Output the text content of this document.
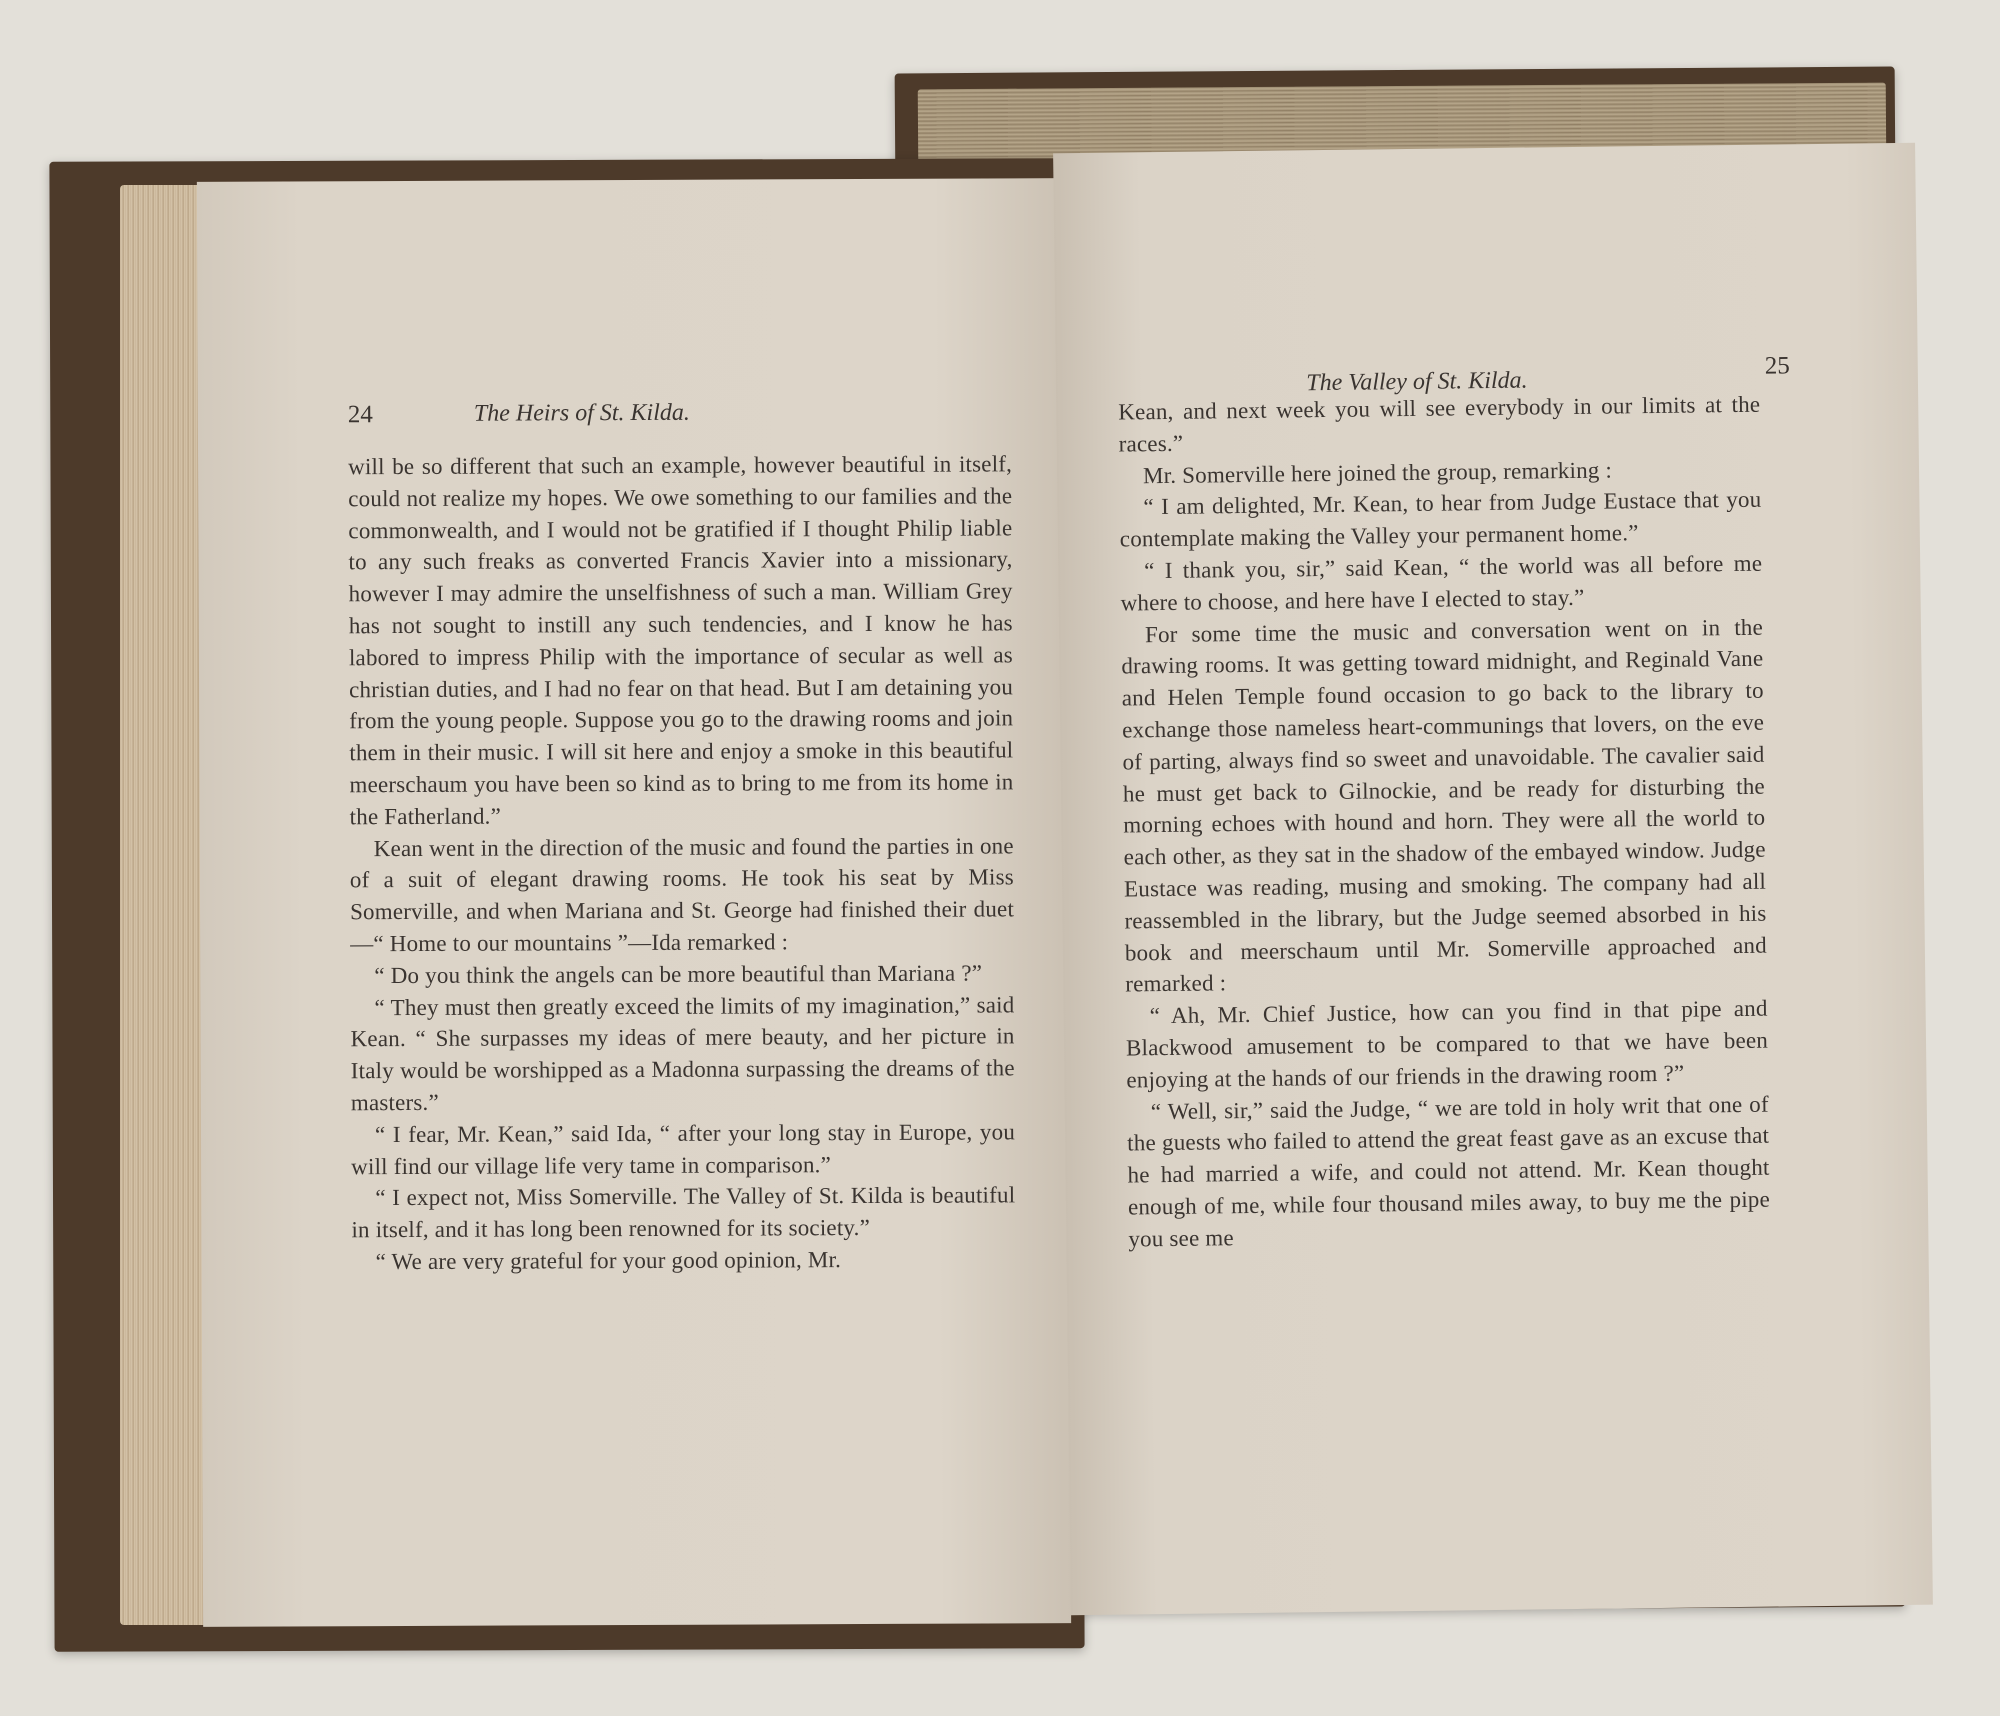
24	The Heirs of St. Kilda.

will be so different that such an example, however beautiful in itself, could not realize my hopes. We owe something to our families and the commonwealth, and I would not be gratified if I thought Philip liable to any such freaks as converted Francis Xavier into a missionary, however I may admire the unselfishness of such a man. William Grey has not sought to instill any such tendencies, and I know he has labored to impress Philip with the importance of secular as well as christian duties, and I had no fear on that head. But I am detaining you from the young people. Suppose you go to the drawing rooms and join them in their music. I will sit here and enjoy a smoke in this beautiful meerschaum you have been so kind as to bring to me from its home in the Fatherland.”

Kean went in the direction of the music and found the parties in one of a suit of elegant drawing rooms. He took his seat by Miss Somerville, and when Mariana and St. George had finished their duet—“ Home to our mountains ”—Ida remarked :

“ Do you think the angels can be more beautiful than Mariana ?”

“ They must then greatly exceed the limits of my imagination,” said Kean. “ She surpasses my ideas of mere beauty, and her picture in Italy would be worshipped as a Madonna surpassing the dreams of the masters.”

“ I fear, Mr. Kean,” said Ida, “ after your long stay in Europe, you will find our village life very tame in comparison.”

“ I expect not, Miss Somerville. The Valley of St. Kilda is beautiful in itself, and it has long been renowned for its society.”

“ We are very grateful for your good opinion, Mr.

The Valley of St. Kilda.
25

Kean, and next week you will see everybody in our limits at the races.”

Mr. Somerville here joined the group, remarking :

“ I am delighted, Mr. Kean, to hear from Judge Eustace that you contemplate making the Valley your permanent home.”

“ I thank you, sir,” said Kean, “ the world was all before me where to choose, and here have I elected to stay.”

For some time the music and conversation went on in the drawing rooms. It was getting toward midnight, and Reginald Vane and Helen Temple found occasion to go back to the library to exchange those nameless heart-communings that lovers, on the eve of parting, always find so sweet and unavoidable. The cavalier said he must get back to Gilnockie, and be ready for disturbing the morning echoes with hound and horn. They were all the world to each other, as they sat in the shadow of the embayed window. Judge Eustace was reading, musing and smoking. The company had all reassembled in the library, but the Judge seemed absorbed in his book and meerschaum until Mr. Somerville approached and remarked :

“ Ah, Mr. Chief Justice, how can you find in that pipe and Blackwood amusement to be compared to that we have been enjoying at the hands of our friends in the drawing room ?”

“ Well, sir,” said the Judge, “ we are told in holy writ that one of the guests who failed to attend the great feast gave as an excuse that he had married a wife, and could not attend. Mr. Kean thought enough of me, while four thousand miles away, to buy me the pipe you see me
